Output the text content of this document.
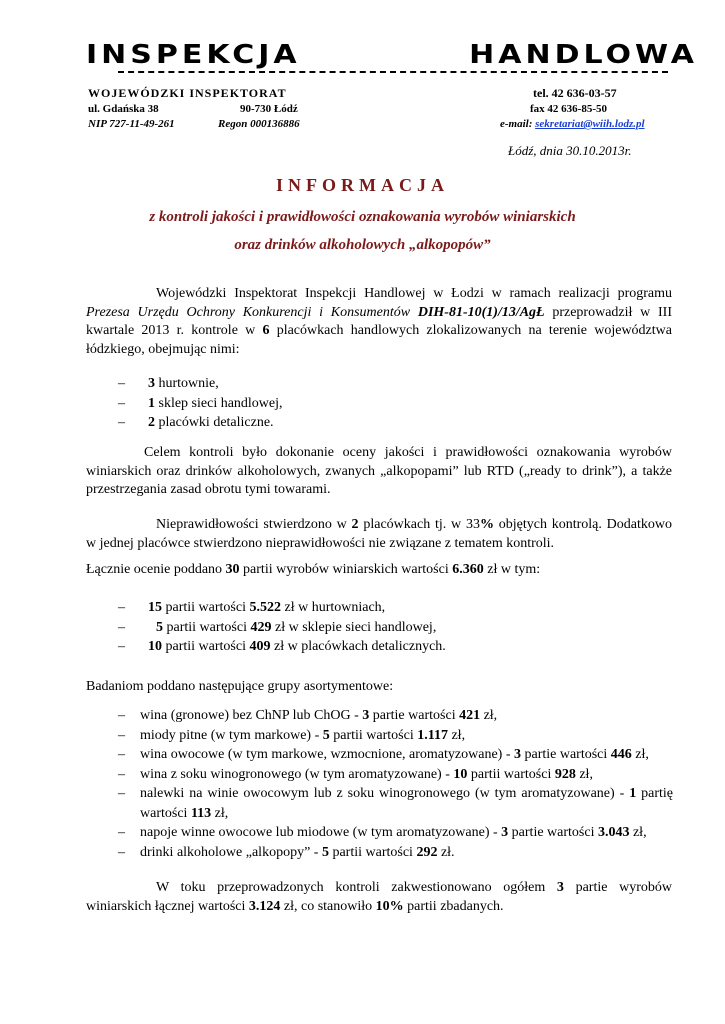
INSPEKCJA	HANDLOWA
WOJEWÓDZKI INSPEKTORAT	tel. 42 636-03-57
ul. Gdańska 38	90-730 Łódź	fax 42 636-85-50
NIP 727-11-49-261	Regon 000136886	e-mail: sekretariat@wiih.lodz.pl
Łódź, dnia 30.10.2013r.
INFORMACJA
z kontroli jakości i prawidłowości oznakowania wyrobów winiarskich
oraz drinków alkoholowych „alkopopów”
Wojewódzki Inspektorat Inspekcji Handlowej w Łodzi w ramach realizacji programu Prezesa Urzędu Ochrony Konkurencji i Konsumentów DIH-81-10(1)/13/AgŁ przeprowadził w III kwartale 2013 r. kontrole w 6 placówkach handlowych zlokalizowanych na terenie województwa łódzkiego, obejmując nimi:
– 3 hurtownie,
– 1 sklep sieci handlowej,
– 2 placówki detaliczne.
Celem kontroli było dokonanie oceny jakości i prawidłowości oznakowania wyrobów winiarskich oraz drinków alkoholowych, zwanych „alkopopami” lub RTD („ready to drink”), a także przestrzegania zasad obrotu tymi towarami.
Nieprawidłowości stwierdzono w 2 placówkach tj. w 33% objętych kontrolą. Dodatkowo w jednej placówce stwierdzono nieprawidłowości nie związane z tematem kontroli.
Łącznie ocenie poddano 30 partii wyrobów winiarskich wartości 6.360 zł w tym:
– 15 partii wartości 5.522 zł w hurtowniach,
– 5 partii wartości 429 zł w sklepie sieci handlowej,
– 10 partii wartości 409 zł w placówkach detalicznych.
Badaniom poddano następujące grupy asortymentowe:
– wina (gronowe) bez ChNP lub ChOG - 3 partie wartości 421 zł,
– miody pitne (w tym markowe) - 5 partii wartości 1.117 zł,
– wina owocowe (w tym markowe, wzmocnione, aromatyzowane) - 3 partie wartości 446 zł,
– wina z soku winogronowego (w tym aromatyzowane) - 10 partii wartości 928 zł,
– nalewki na winie owocowym lub z soku winogronowego (w tym aromatyzowane) - 1 partię wartości 113 zł,
– napoje winne owocowe lub miodowe (w tym aromatyzowane) - 3 partie wartości 3.043 zł,
– drinki alkoholowe „alkopopy” - 5 partii wartości 292 zł.
W toku przeprowadzonych kontroli zakwestionowano ogółem 3 partie wyrobów winiarskich łącznej wartości 3.124 zł, co stanowiło 10% partii zbadanych.
